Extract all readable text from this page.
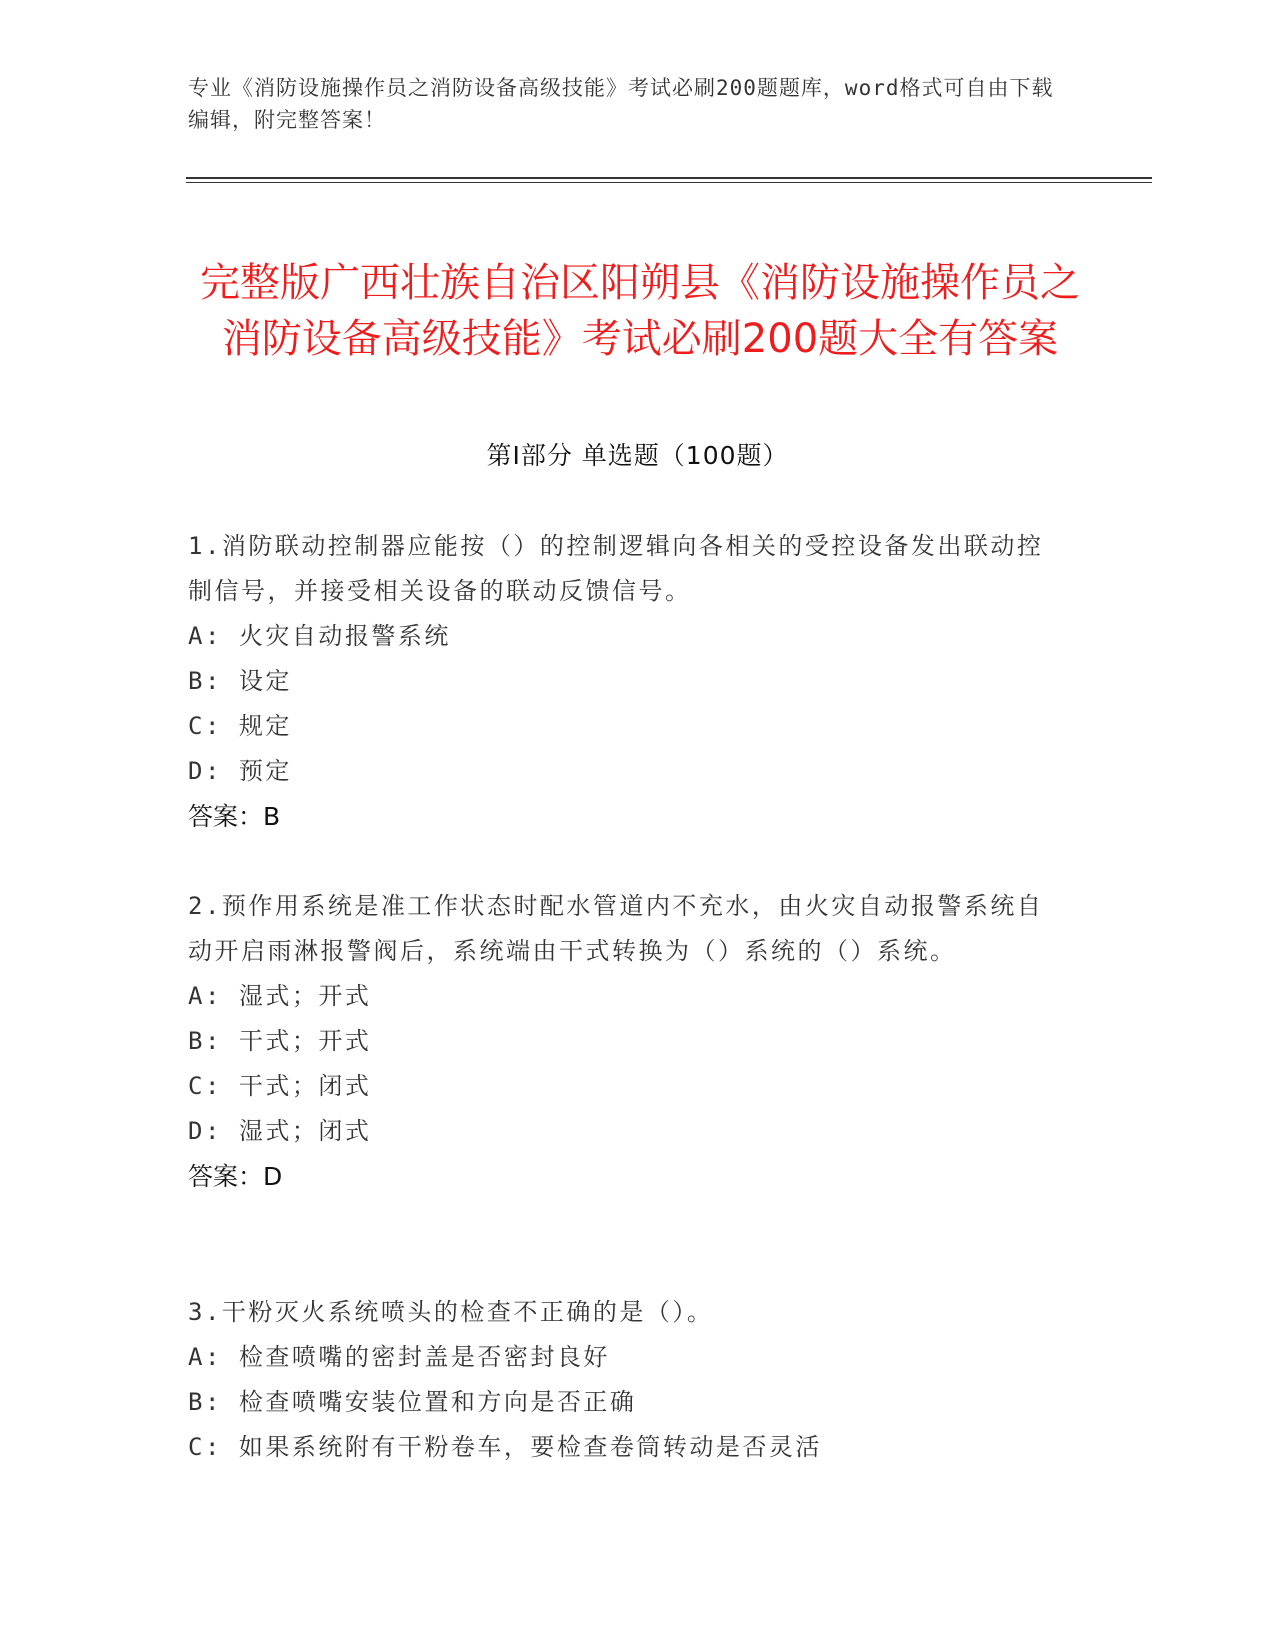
专业《消防设施操作员之消防设备高级技能》考试必刷200题题库，word格式可自由下载编辑，附完整答案！
完整版广西壮族自治区阳朔县《消防设施操作员之消防设备高级技能》考试必刷200题大全有答案
第Ⅰ部分 单选题（100题）
1.消防联动控制器应能按（）的控制逻辑向各相关的受控设备发出联动控制信号，并接受相关设备的联动反馈信号。
A: 火灾自动报警系统
B: 设定
C: 规定
D: 预定
答案：B
2.预作用系统是准工作状态时配水管道内不充水，由火灾自动报警系统自动开启雨淋报警阀后，系统端由干式转换为（）系统的（）系统。
A: 湿式；开式
B: 干式；开式
C: 干式；闭式
D: 湿式；闭式
答案：D
3.干粉灭火系统喷头的检查不正确的是（）。
A: 检查喷嘴的密封盖是否密封良好
B: 检查喷嘴安装位置和方向是否正确
C: 如果系统附有干粉卷车，要检查卷筒转动是否灵活
